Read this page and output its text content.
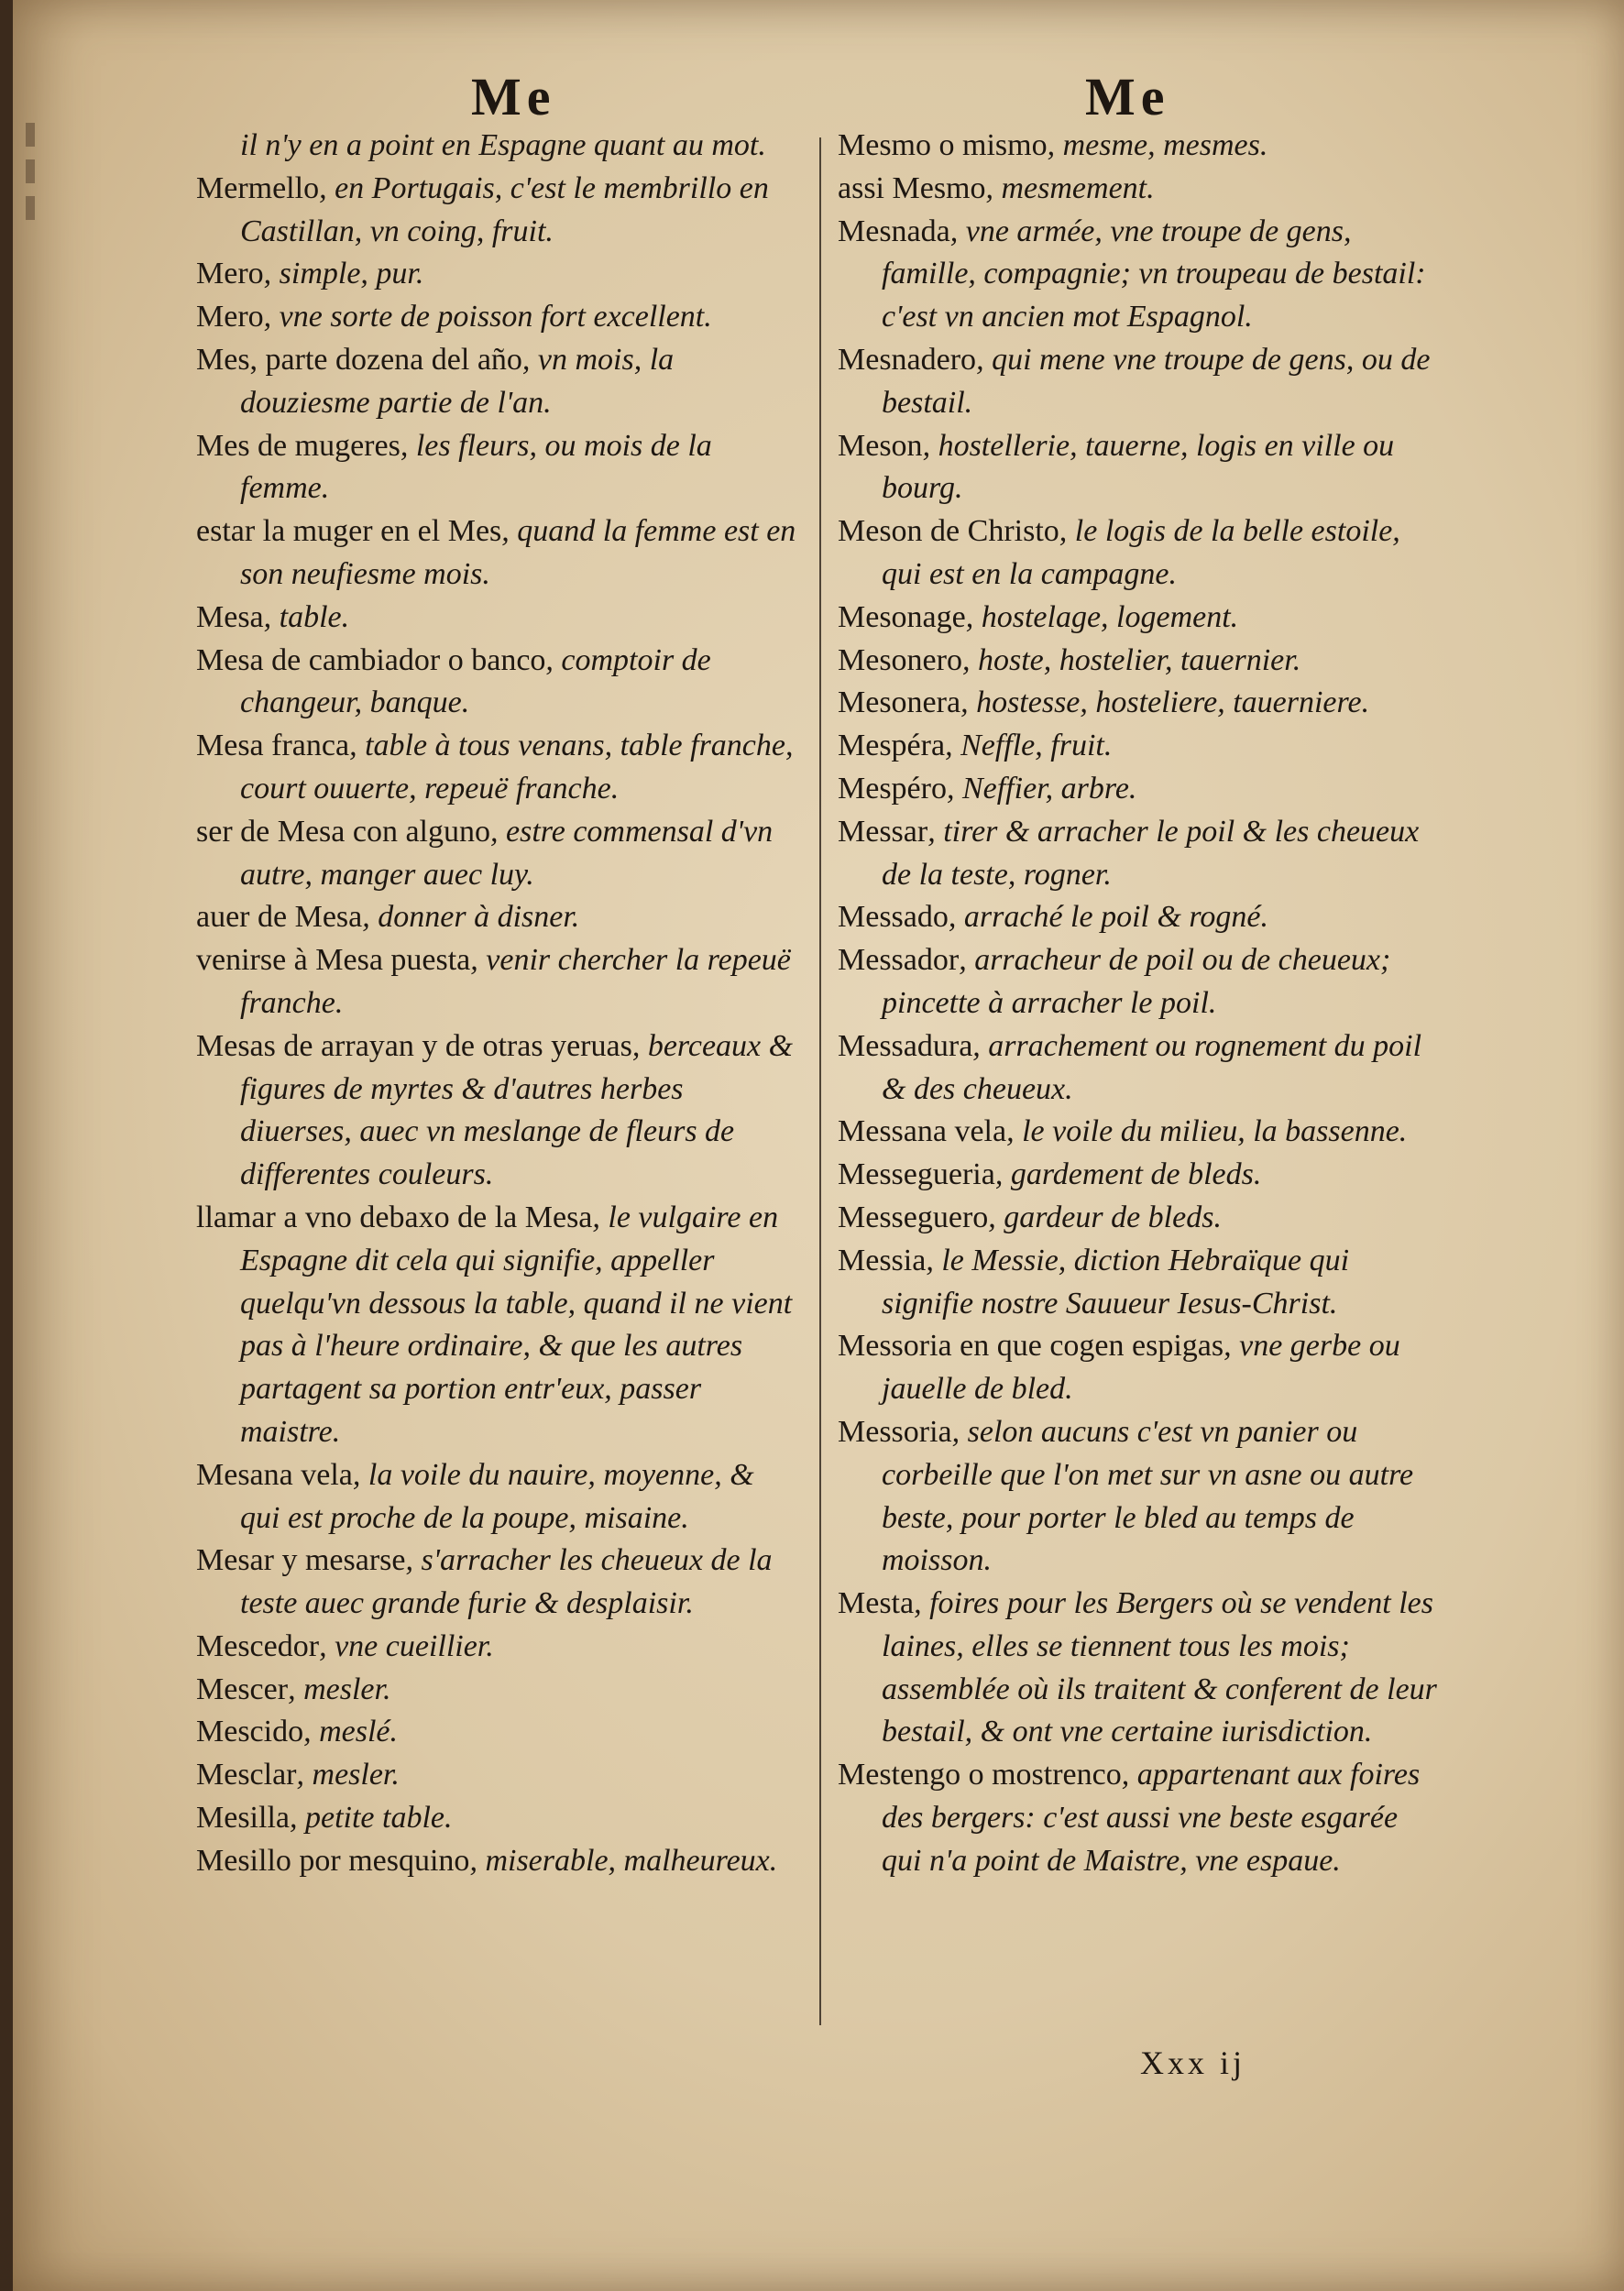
Me	Me

il n'y en a point en Espagne quant au mot.

Mermello, en Portugais, c'est le membrillo en Castillan, vn coing, fruit.

Mero, simple, pur.

Mero, vne sorte de poisson fort excellent.

Mes, parte dozena del año, vn mois, la douziesme partie de l'an.

Mes de mugeres, les fleurs, ou mois de la femme.

estar la muger en el Mes, quand la femme est en son neufiesme mois.

Mesa, table.

Mesa de cambiador o banco, comptoir de changeur, banque.

Mesa franca, table à tous venans, table franche, court ouuerte, repeuë franche.

ser de Mesa con alguno, estre commensal d'vn autre, manger auec luy.

auer de Mesa, donner à disner.

venirse à Mesa puesta, venir chercher la repeuë franche.

Mesas de arrayan y de otras yeruas, berceaux & figures de myrtes & d'autres herbes diuerses, auec vn meslange de fleurs de differentes couleurs.

llamar a vno debaxo de la Mesa, le vulgaire en Espagne dit cela qui signifie, appeller quelqu'vn dessous la table, quand il ne vient pas à l'heure ordinaire, & que les autres partagent sa portion entr'eux, passer maistre.

Mesana vela, la voile du nauire, moyenne, & qui est proche de la poupe, misaine.

Mesar y mesarse, s'arracher les cheueux de la teste auec grande furie & desplaisir.

Mescedor, vne cueillier.

Mescer, mesler.

Mescido, meslé.

Mesclar, mesler.

Mesilla, petite table.

Mesillo por mesquino, miserable, malheureux.

Mesmo o mismo, mesme, mesmes.

assi Mesmo, mesmement.

Mesnada, vne armée, vne troupe de gens, famille, compagnie; vn troupeau de bestail: c'est vn ancien mot Espagnol.

Mesnadero, qui mene vne troupe de gens, ou de bestail.

Meson, hostellerie, tauerne, logis en ville ou bourg.

Meson de Christo, le logis de la belle estoile, qui est en la campagne.

Mesonage, hostelage, logement.

Mesonero, hoste, hostelier, tauernier.

Mesonera, hostesse, hosteliere, tauerniere.

Mespéra, Neffle, fruit.

Mespéro, Neffier, arbre.

Messar, tirer & arracher le poil & les cheueux de la teste, rogner.

Messado, arraché le poil & rogné.

Messador, arracheur de poil ou de cheueux; pincette à arracher le poil.

Messadura, arrachement ou rognement du poil & des cheueux.

Messana vela, le voile du milieu, la bassenne.

Messegueria, gardement de bleds.

Messeguero, gardeur de bleds.

Messia, le Messie, diction Hebraïque qui signifie nostre Sauueur Iesus-Christ.

Messoria en que cogen espigas, vne gerbe ou jauelle de bled.

Messoria, selon aucuns c'est vn panier ou corbeille que l'on met sur vn asne ou autre beste, pour porter le bled au temps de moisson.

Mesta, foires pour les Bergers où se vendent les laines, elles se tiennent tous les mois; assemblée où ils traitent & conferent de leur bestail, & ont vne certaine iurisdiction.

Mestengo o mostrenco, appartenant aux foires des bergers: c'est aussi vne beste esgarée qui n'a point de Maistre, vne espaue.

Xxx ij
